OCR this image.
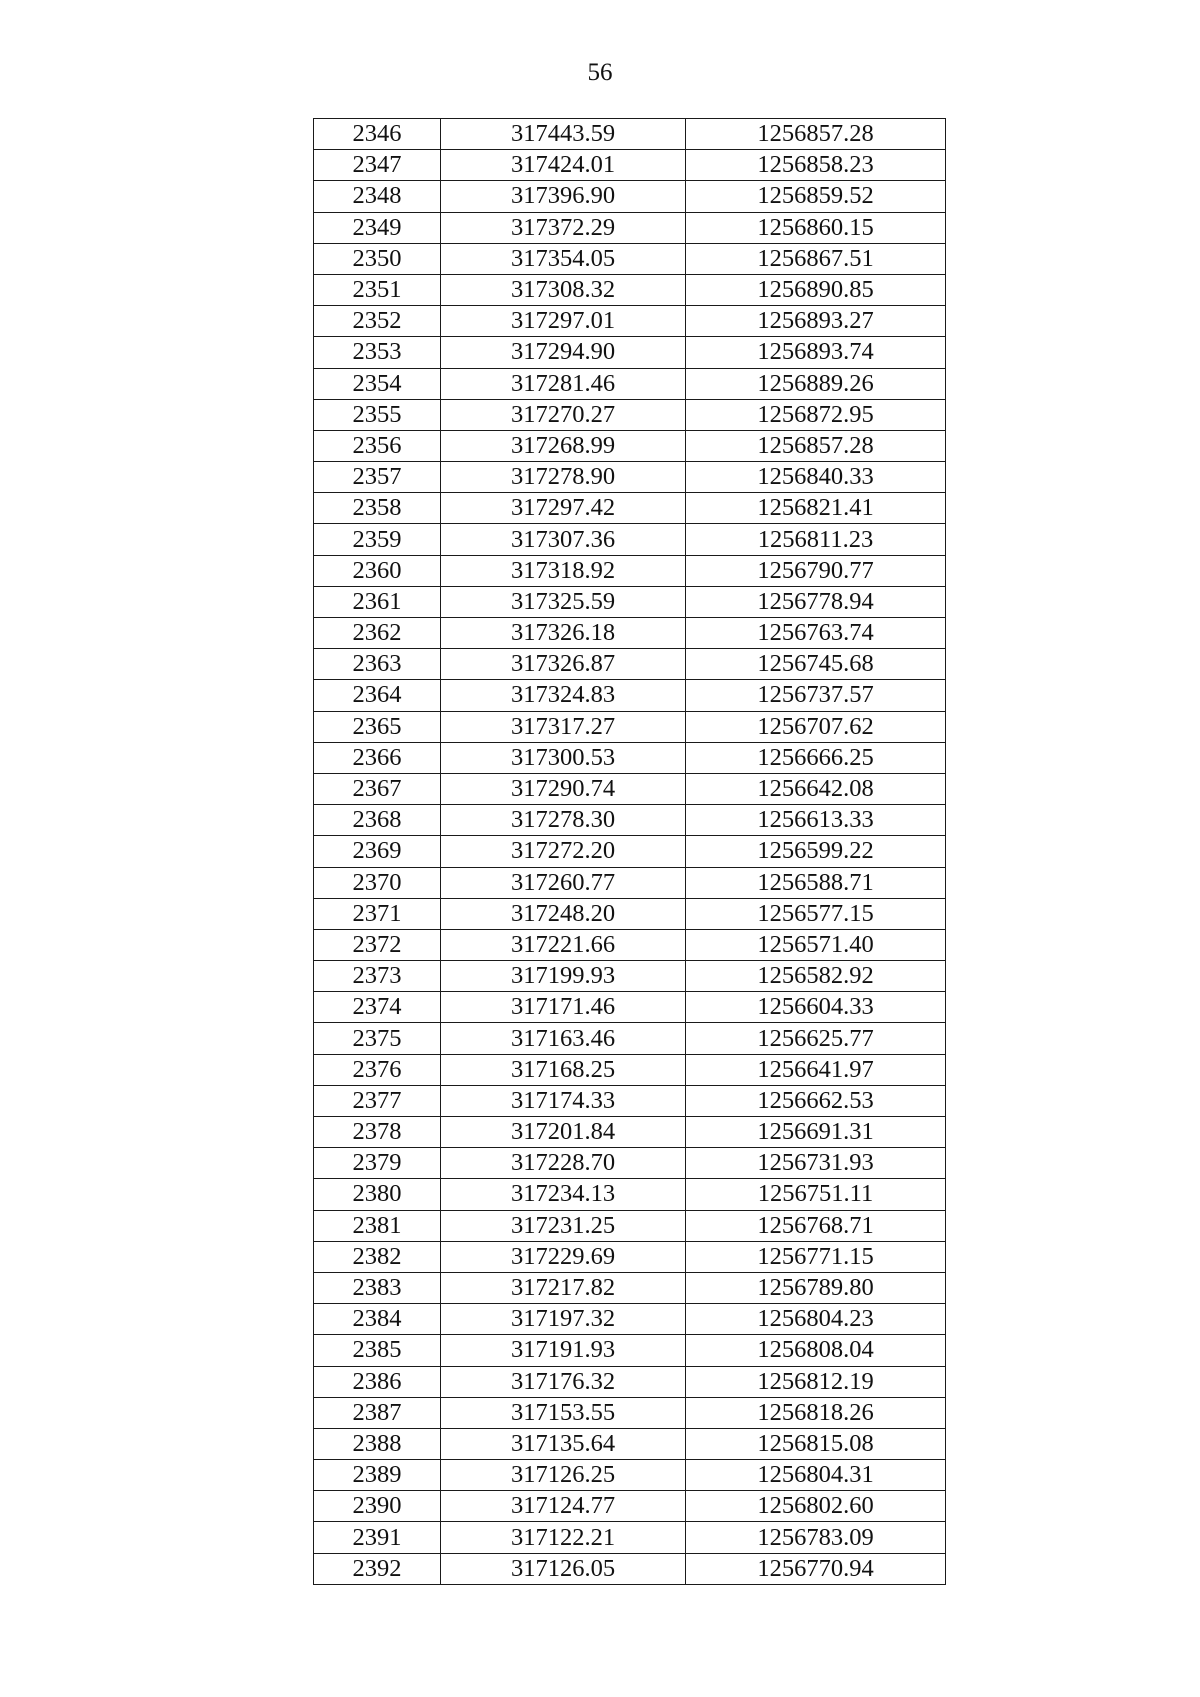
56
2346	317443.59	1256857.28
2347	317424.01	1256858.23
2348	317396.90	1256859.52
2349	317372.29	1256860.15
2350	317354.05	1256867.51
2351	317308.32	1256890.85
2352	317297.01	1256893.27
2353	317294.90	1256893.74
2354	317281.46	1256889.26
2355	317270.27	1256872.95
2356	317268.99	1256857.28
2357	317278.90	1256840.33
2358	317297.42	1256821.41
2359	317307.36	1256811.23
2360	317318.92	1256790.77
2361	317325.59	1256778.94
2362	317326.18	1256763.74
2363	317326.87	1256745.68
2364	317324.83	1256737.57
2365	317317.27	1256707.62
2366	317300.53	1256666.25
2367	317290.74	1256642.08
2368	317278.30	1256613.33
2369	317272.20	1256599.22
2370	317260.77	1256588.71
2371	317248.20	1256577.15
2372	317221.66	1256571.40
2373	317199.93	1256582.92
2374	317171.46	1256604.33
2375	317163.46	1256625.77
2376	317168.25	1256641.97
2377	317174.33	1256662.53
2378	317201.84	1256691.31
2379	317228.70	1256731.93
2380	317234.13	1256751.11
2381	317231.25	1256768.71
2382	317229.69	1256771.15
2383	317217.82	1256789.80
2384	317197.32	1256804.23
2385	317191.93	1256808.04
2386	317176.32	1256812.19
2387	317153.55	1256818.26
2388	317135.64	1256815.08
2389	317126.25	1256804.31
2390	317124.77	1256802.60
2391	317122.21	1256783.09
2392	317126.05	1256770.94
